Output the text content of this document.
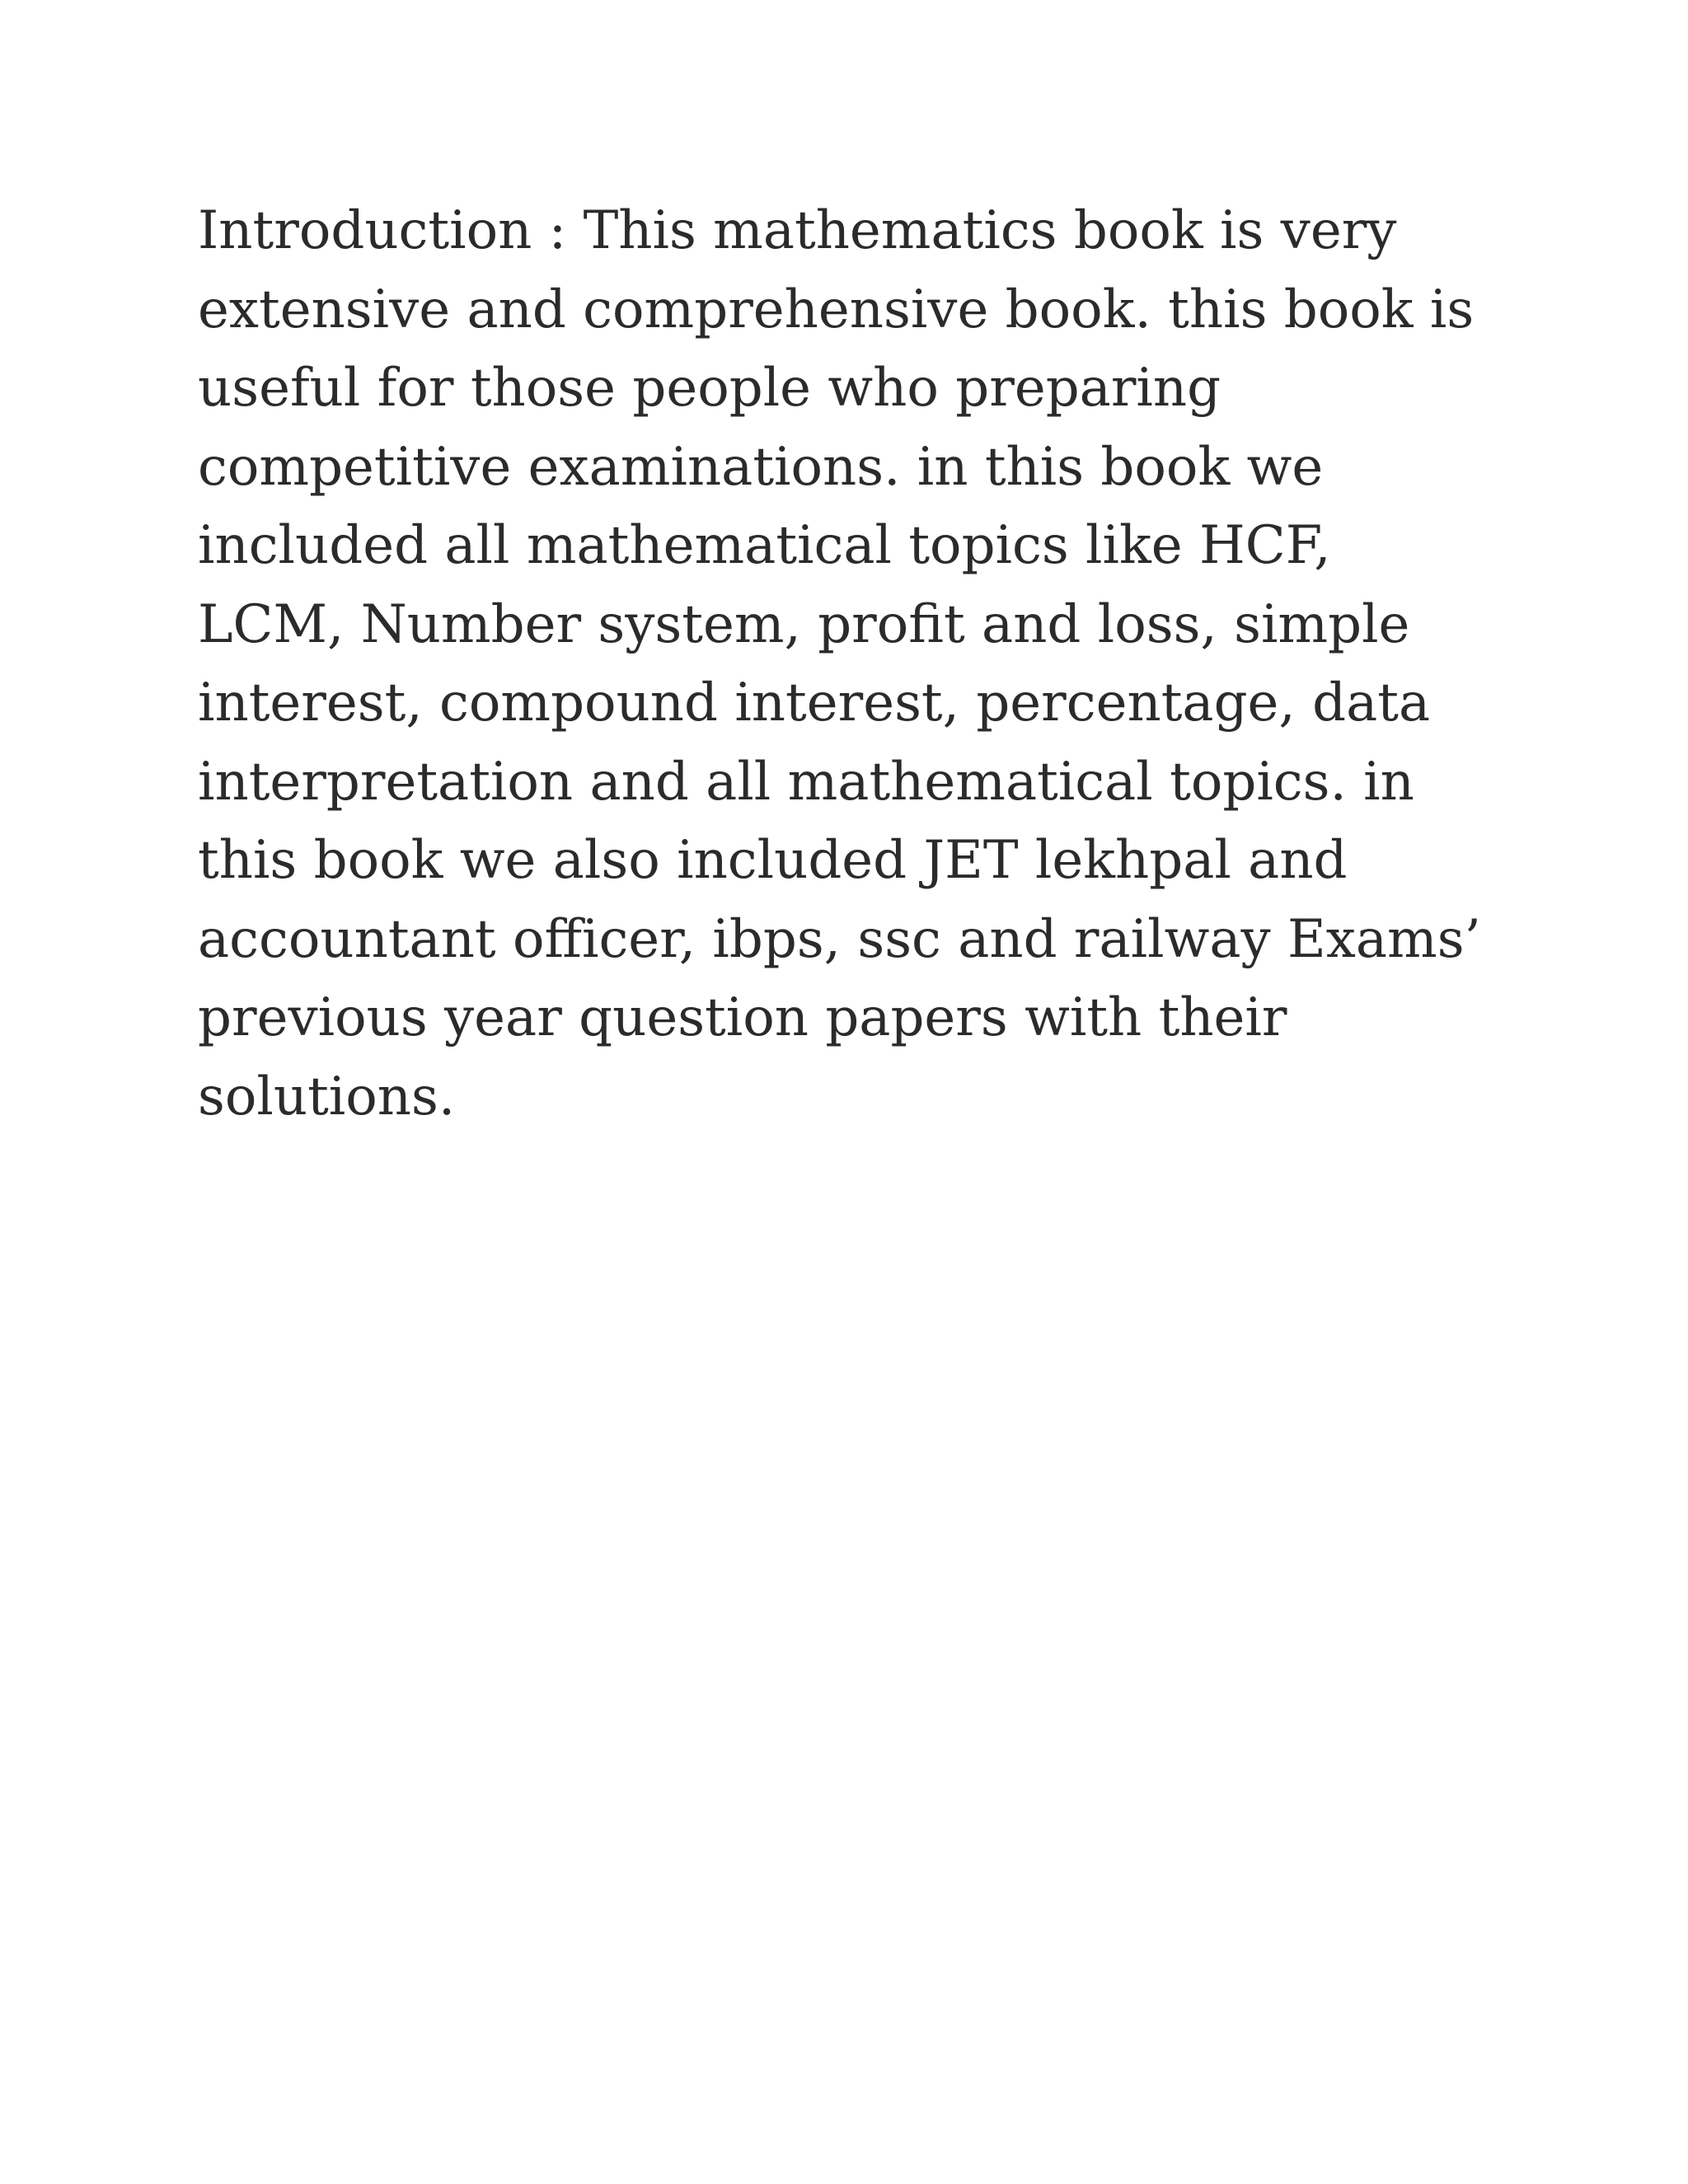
Introduction : This mathematics book is very
extensive and comprehensive book. this book is
useful for those people who preparing
competitive examinations. in this book we
included all mathematical topics like HCF,
LCM, Number system, profit and loss, simple
interest, compound interest, percentage, data
interpretation and all mathematical topics. in
this book we also included JET lekhpal and
accountant officer, ibps, ssc and railway Exams’
previous year question papers with their
solutions.
